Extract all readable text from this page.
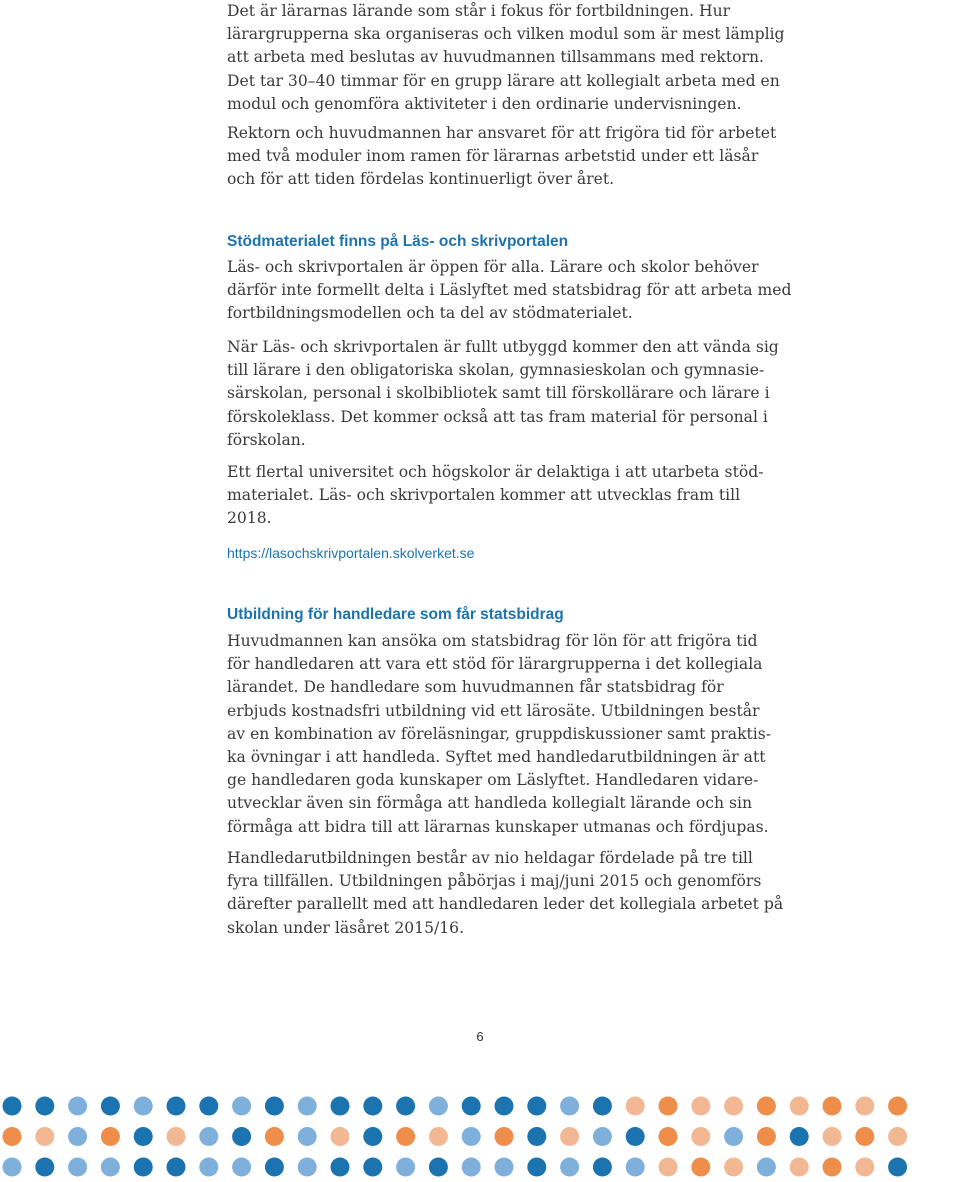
Det är lärarnas lärande som står i fokus för fortbildningen. Hur
lärargrupperna ska organiseras och vilken modul som är mest lämplig
att arbeta med beslutas av huvudmannen tillsammans med rektorn.
Det tar 30–40 timmar för en grupp lärare att kollegialt arbeta med en
modul och genomföra aktiviteter i den ordinarie undervisningen.

Rektorn och huvudmannen har ansvaret för att frigöra tid för arbetet
med två moduler inom ramen för lärarnas arbetstid under ett läsår
och för att tiden fördelas kontinuerligt över året.

Stödmaterialet finns på Läs- och skrivportalen

Läs- och skrivportalen är öppen för alla. Lärare och skolor behöver
därför inte formellt delta i Läslyftet med statsbidrag för att arbeta med
fortbildningsmodellen och ta del av stödmaterialet.

När Läs- och skrivportalen är fullt utbyggd kommer den att vända sig
till lärare i den obligatoriska skolan, gymnasieskolan och gymnasie-
särskolan, personal i skolbibliotek samt till förskollärare och lärare i
förskoleklass. Det kommer också att tas fram material för personal i
förskolan.

Ett flertal universitet och högskolor är delaktiga i att utarbeta stöd-
materialet. Läs- och skrivportalen kommer att utvecklas fram till
2018.

https://lasochskrivportalen.skolverket.se
Utbildning för handledare som får statsbidrag

Huvudmannen kan ansöka om statsbidrag för lön för att frigöra tid
för handledaren att vara ett stöd för lärargrupperna i det kollegiala
lärandet. De handledare som huvudmannen får statsbidrag för
erbjuds kostnadsfri utbildning vid ett lärosäte. Utbildningen består
av en kombination av föreläsningar, gruppdiskussioner samt praktis-
ka övningar i att handleda. Syftet med handledarutbildningen är att
ge handledaren goda kunskaper om Läslyftet. Handledaren vidare-
utvecklar även sin förmåga att handleda kollegialt lärande och sin
förmåga att bidra till att lärarnas kunskaper utmanas och fördjupas.

Handledarutbildningen består av nio heldagar fördelade på tre till
fyra tillfällen. Utbildningen påbörjas i maj/juni 2015 och genomförs
därefter parallellt med att handledaren leder det kollegiala arbetet på
skolan under läsåret 2015/16.

6
